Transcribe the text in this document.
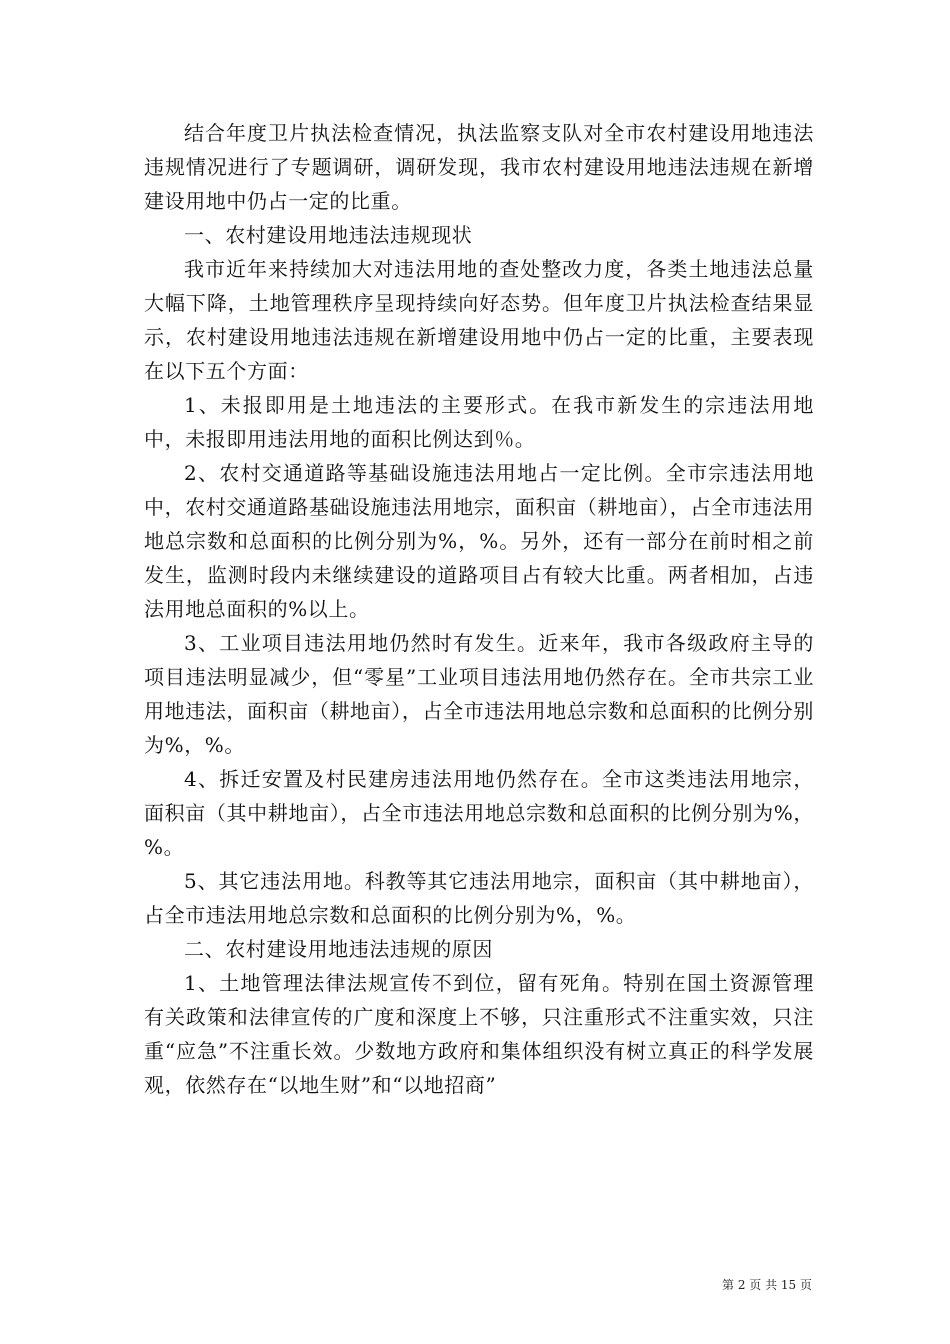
结合年度卫片执法检查情况，执法监察支队对全市农村建设用地违法违规情况进行了专题调研，调研发现，我市农村建设用地违法违规在新增建设用地中仍占一定的比重。

一、农村建设用地违法违规现状

我市近年来持续加大对违法用地的查处整改力度，各类土地违法总量大幅下降，土地管理秩序呈现持续向好态势。但年度卫片执法检查结果显示，农村建设用地违法违规在新增建设用地中仍占一定的比重，主要表现在以下五个方面：

1、未报即用是土地违法的主要形式。在我市新发生的宗违法用地中，未报即用违法用地的面积比例达到％。

2、农村交通道路等基础设施违法用地占一定比例。全市宗违法用地中，农村交通道路基础设施违法用地宗，面积亩（耕地亩），占全市违法用地总宗数和总面积的比例分别为%，%。另外，还有一部分在前时相之前发生，监测时段内未继续建设的道路项目占有较大比重。两者相加，占违法用地总面积的%以上。

3、工业项目违法用地仍然时有发生。近来年，我市各级政府主导的项目违法明显减少，但“零星”工业项目违法用地仍然存在。全市共宗工业用地违法，面积亩（耕地亩），占全市违法用地总宗数和总面积的比例分别为%，%。

4、拆迁安置及村民建房违法用地仍然存在。全市这类违法用地宗，面积亩（其中耕地亩），占全市违法用地总宗数和总面积的比例分别为%，%。

5、其它违法用地。科教等其它违法用地宗，面积亩（其中耕地亩），占全市违法用地总宗数和总面积的比例分别为%，%。

二、农村建设用地违法违规的原因

1、土地管理法律法规宣传不到位，留有死角。特别在国土资源管理有关政策和法律宣传的广度和深度上不够，只注重形式不注重实效，只注重“应急”不注重长效。少数地方政府和集体组织没有树立真正的科学发展观，依然存在“以地生财”和“以地招商”

第 2 页 共 15 页
